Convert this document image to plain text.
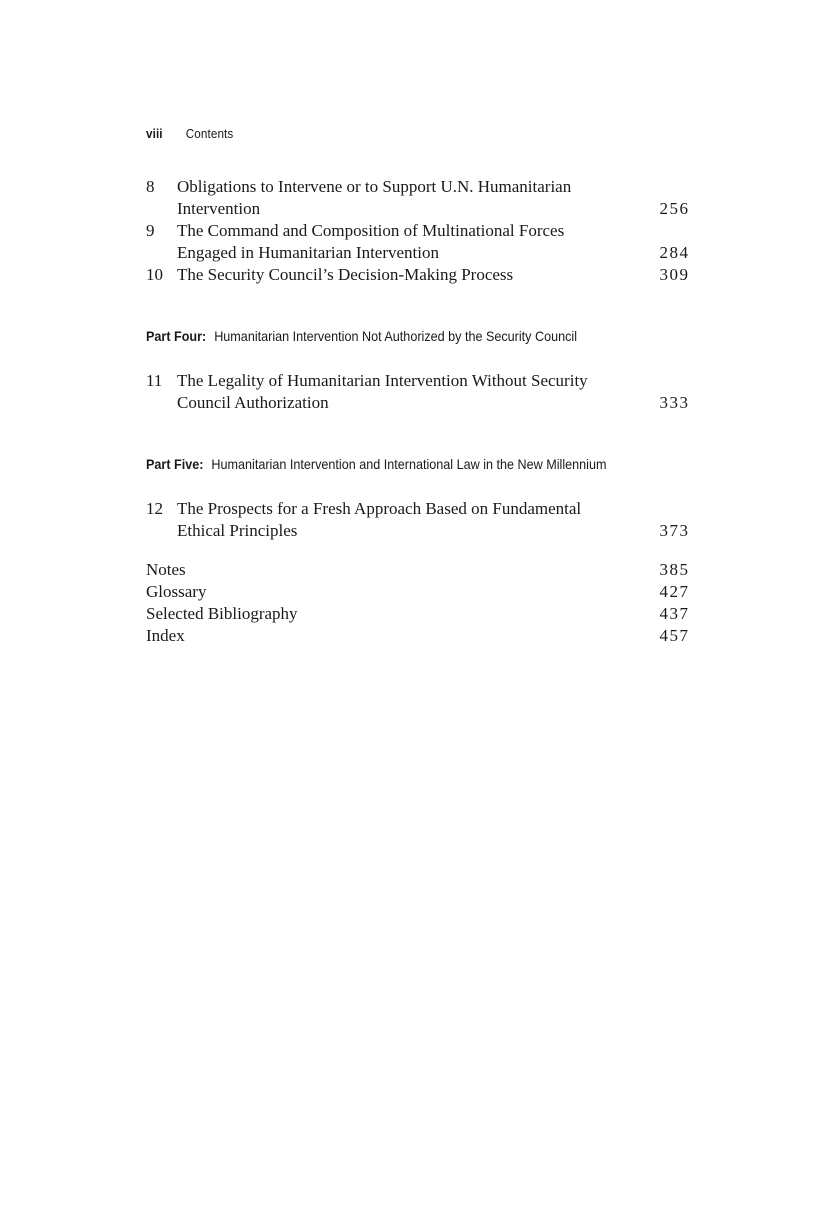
viii Contents
8	Obligations to Intervene or to Support U.N. Humanitarian
Intervention	256
9	The Command and Composition of Multinational Forces
Engaged in Humanitarian Intervention	284
10 The Security Council’s Decision-Making Process	309
Part Four: Humanitarian Intervention Not Authorized by the Security Council
11 The Legality of Humanitarian Intervention Without Security
Council Authorization	333
Part Five: Humanitarian Intervention and International Law in the New Millennium
12 The Prospects for a Fresh Approach Based on Fundamental
Ethical Principles	373
Notes	385
Glossary	427
Selected Bibliography	437
Index	457
